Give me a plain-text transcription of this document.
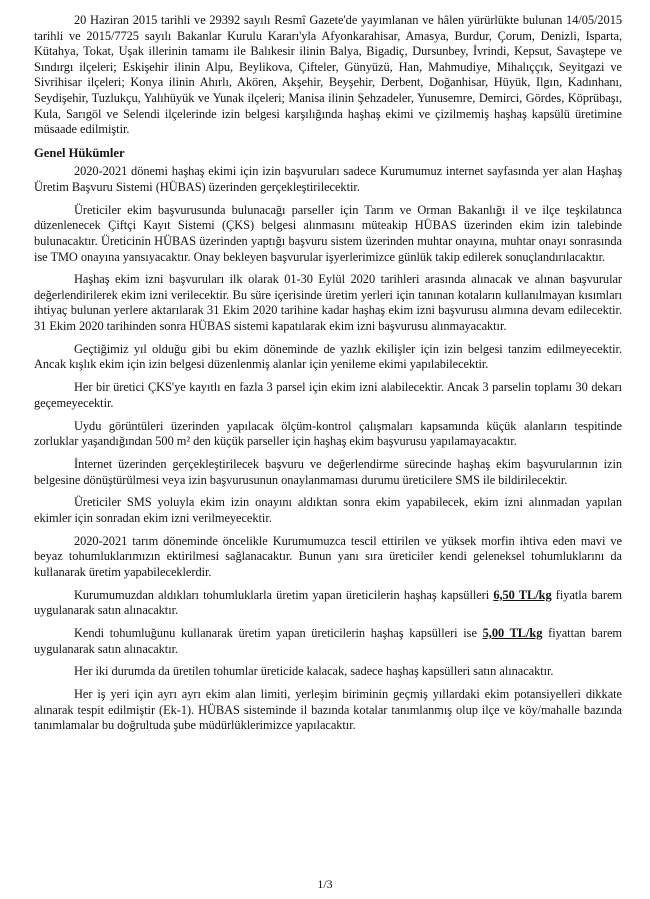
20 Haziran 2015 tarihli ve 29392 sayılı Resmî Gazete'de yayımlanan ve hâlen yürürlükte bulunan 14/05/2015 tarihli ve 2015/7725 sayılı Bakanlar Kurulu Kararı'yla Afyonkarahisar, Amasya, Burdur, Çorum, Denizli, Isparta, Kütahya, Tokat, Uşak illerinin tamamı ile Balıkesir ilinin Balya, Bigadiç, Dursunbey, İvrindi, Kepsut, Savaştepe ve Sındırgı ilçeleri; Eskişehir ilinin Alpu, Beylikova, Çifteler, Günyüzü, Han, Mahmudiye, Mihalıççık, Seyitgazi ve Sivrihisar ilçeleri; Konya ilinin Ahırlı, Akören, Akşehir, Beyşehir, Derbent, Doğanhisar, Hüyük, Ilgın, Kadınhanı, Seydişehir, Tuzlukçu, Yalıhüyük ve Yunak ilçeleri; Manisa ilinin Şehzadeler, Yunusemre, Demirci, Gördes, Köprübaşı, Kula, Sarıgöl ve Selendi ilçelerinde izin belgesi karşılığında haşhaş ekimi ve çizilmemiş haşhaş kapsülü üretimine müsaade edilmiştir.

Genel Hükümler

2020-2021 dönemi haşhaş ekimi için izin başvuruları sadece Kurumumuz internet sayfasında yer alan Haşhaş Üretim Başvuru Sistemi (HÜBAS) üzerinden gerçekleştirilecektir.

Üreticiler ekim başvurusunda bulunacağı parseller için Tarım ve Orman Bakanlığı il ve ilçe teşkilatınca düzenlenecek Çiftçi Kayıt Sistemi (ÇKS) belgesi alınmasını müteakip HÜBAS üzerinden ekim izin talebinde bulunacaktır. Üreticinin HÜBAS üzerinden yaptığı başvuru sistem üzerinden muhtar onayına, muhtar onayı sonrasında ise TMO onayına yansıyacaktır. Onay bekleyen başvurular işyerlerimizce günlük takip edilerek sonuçlandırılacaktır.

Haşhaş ekim izni başvuruları ilk olarak 01-30 Eylül 2020 tarihleri arasında alınacak ve alınan başvurular değerlendirilerek ekim izni verilecektir. Bu süre içerisinde üretim yerleri için tanınan kotaların kullanılmayan kısımları ihtiyaç bulunan yerlere aktarılarak 31 Ekim 2020 tarihine kadar haşhaş ekim izni başvurusu alımına devam edilecektir. 31 Ekim 2020 tarihinden sonra HÜBAS sistemi kapatılarak ekim izni başvurusu alınmayacaktır.

Geçtiğimiz yıl olduğu gibi bu ekim döneminde de yazlık ekilişler için izin belgesi tanzim edilmeyecektir. Ancak kışlık ekim için izin belgesi düzenlenmiş alanlar için yenileme ekimi yapılabilecektir.

Her bir üretici ÇKS'ye kayıtlı en fazla 3 parsel için ekim izni alabilecektir. Ancak 3 parselin toplamı 30 dekarı geçemeyecektir.

Uydu görüntüleri üzerinden yapılacak ölçüm-kontrol çalışmaları kapsamında küçük alanların tespitinde zorluklar yaşandığından 500 m² den küçük parseller için haşhaş ekim başvurusu yapılamayacaktır.

İnternet üzerinden gerçekleştirilecek başvuru ve değerlendirme sürecinde haşhaş ekim başvurularının izin belgesine dönüştürülmesi veya izin başvurusunun onaylanmaması durumu üreticilere SMS ile bildirilecektir.

Üreticiler SMS yoluyla ekim izin onayını aldıktan sonra ekim yapabilecek, ekim izni alınmadan yapılan ekimler için sonradan ekim izni verilmeyecektir.

2020-2021 tarım döneminde öncelikle Kurumumuzca tescil ettirilen ve yüksek morfin ihtiva eden mavi ve beyaz tohumluklarımızın ektirilmesi sağlanacaktır. Bunun yanı sıra üreticiler kendi geleneksel tohumluklarını da kullanarak üretim yapabileceklerdir.

Kurumumuzdan aldıkları tohumluklarla üretim yapan üreticilerin haşhaş kapsülleri 6,50 TL/kg fiyatla barem uygulanarak satın alınacaktır.

Kendi tohumluğunu kullanarak üretim yapan üreticilerin haşhaş kapsülleri ise 5,00 TL/kg fiyattan barem uygulanarak satın alınacaktır.

Her iki durumda da üretilen tohumlar üreticide kalacak, sadece haşhaş kapsülleri satın alınacaktır.

Her iş yeri için ayrı ayrı ekim alan limiti, yerleşim biriminin geçmiş yıllardaki ekim potansiyelleri dikkate alınarak tespit edilmiştir (Ek-1). HÜBAS sisteminde il bazında kotalar tanımlanmış olup ilçe ve köy/mahalle bazında tanımlamalar bu doğrultuda şube müdürlüklerimizce yapılacaktır.

1/3
